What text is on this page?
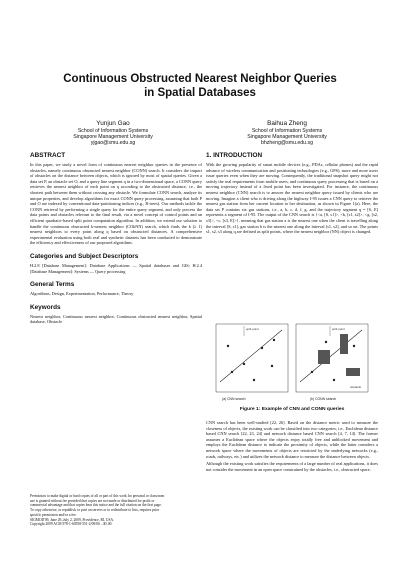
Continuous Obstructed Nearest Neighbor Queries
in Spatial Databases
Yunjun Gao
School of Information Systems
Singapore Management University
yjgao@smu.edu.sg
Baihua Zheng
School of Information Systems
Singapore Management University
bhzheng@smu.edu.sg
ABSTRACT

In this paper, we study a novel form of continuous nearest neighbor queries in the presence of obstacles, namely continuous obstructed nearest neighbor (CONN) search. It considers the impact of obstacles on the distance between objects, which is ignored by most of spatial queries. Given a data set P, an obstacle set O, and a query line segment q in a two-dimensional space, a CONN query retrieves the nearest neighbor of each point on q according to the obstructed distance, i.e., the shortest path between them without crossing any obstacle. We formulate CONN search, analyze its unique properties, and develop algorithms for exact CONN query processing, assuming that both P and O are indexed by conventional data-partitioning indices (e.g., R-trees). Our methods tackle the CONN retrieval by performing a single query for the entire query segment, and only process the data points and obstacles relevant to the final result, via a novel concept of control points and an efficient quadratic-based split point computation algorithm. In addition, we extend our solution to handle the continuous obstructed k-nearest neighbor (COkNN) search, which finds the k (≥ 1) nearest neighbors to every point along q based on obstructed distances. A comprehensive experimental evaluation using both real and synthetic datasets has been conducted to demonstrate the efficiency and effectiveness of our proposed algorithms.

Categories and Subject Descriptors

H.2.8 [Database Management]: Database Applications — Spatial databases and GIS; H.2.4 [Database Management]: Systems — Query processing

General Terms

Algorithms, Design, Experimentation, Performance, Theory

Keywords

Nearest neighbor, Continuous nearest neighbor, Continuous obstructed nearest neighbor, Spatial database, Obstacle

Permission to make digital or hard copies of all or part of this work for personal or classroom use is granted without fee provided that copies are not made or distributed for profit or commercial advantage and that copies bear this notice and the full citation on the first page. To copy otherwise, or republish, to post on servers or to redistribute to lists, requires prior specific permission and/or a fee.
SIGMOD'09, June 29–July 2, 2009, Providence, RI, USA.
Copyright 2009 ACM 978-1-60558-551-2/09/06 ...$5.00.
1. INTRODUCTION

With the growing popularity of smart mobile devices (e.g., PDAs, cellular phones) and the rapid advance of wireless communication and positioning technologies (e.g., GPS), more and more users issue queries even when they are moving. Consequently, the traditional snapshot query might not satisfy the real requirements from mobile users, and continuous query processing that is based on a moving trajectory instead of a fixed point has been investigated. For instance, the continuous nearest neighbor (CNN) search is to answer the nearest neighbor query issued by clients who are moving. Imagine a client who is driving along the highway I-95 issues a CNN query to retrieve the nearest gas station from her current location to her destination, as shown in Figure 1(a). Here, the data set P contains six gas stations, i.e., a, b, c, d, f, g, and the trajectory segment q = [S, E] represents a segment of I-95. The output of the CNN search is {<a, [S, s1]>, <b, [s1, s2]>, <g, [s2, s3]>, <c, [s3, E]>}, meaning that gas station a is the nearest one when the client is travelling along the interval [S, s1], gas station b is the nearest one along the interval [s1, s2], and so on. The points s1, s2, s3 along q are defined as split points, where the nearest neighbor (NN) object is changed.

split point	split point
obstacle
(a) CNN search	(b) CONN search
Figure 1: Example of CNN and CONN queries

CNN search has been well-studied [22, 26]. Based on the distance metric used to measure the closeness of objects, the existing work can be classified into two categories, i.e., Euclidean distance based CNN search [22, 23, 24] and network distance based CNN search [4, 7, 14]. The former assumes a Euclidean space where the objects enjoy totally free and unblocked movement and employs the Euclidean distance to indicate the proximity of objects, while the latter considers a network space where the movements of objects are restricted by the underlying networks (e.g., roads, railways, etc.) and utilizes the network distance to measure the distance between objects.

Although the existing work satisfies the requirements of a large number of real applications, it does not consider the movement in an open space constrained by the obstacles, i.e., obstructed space.
